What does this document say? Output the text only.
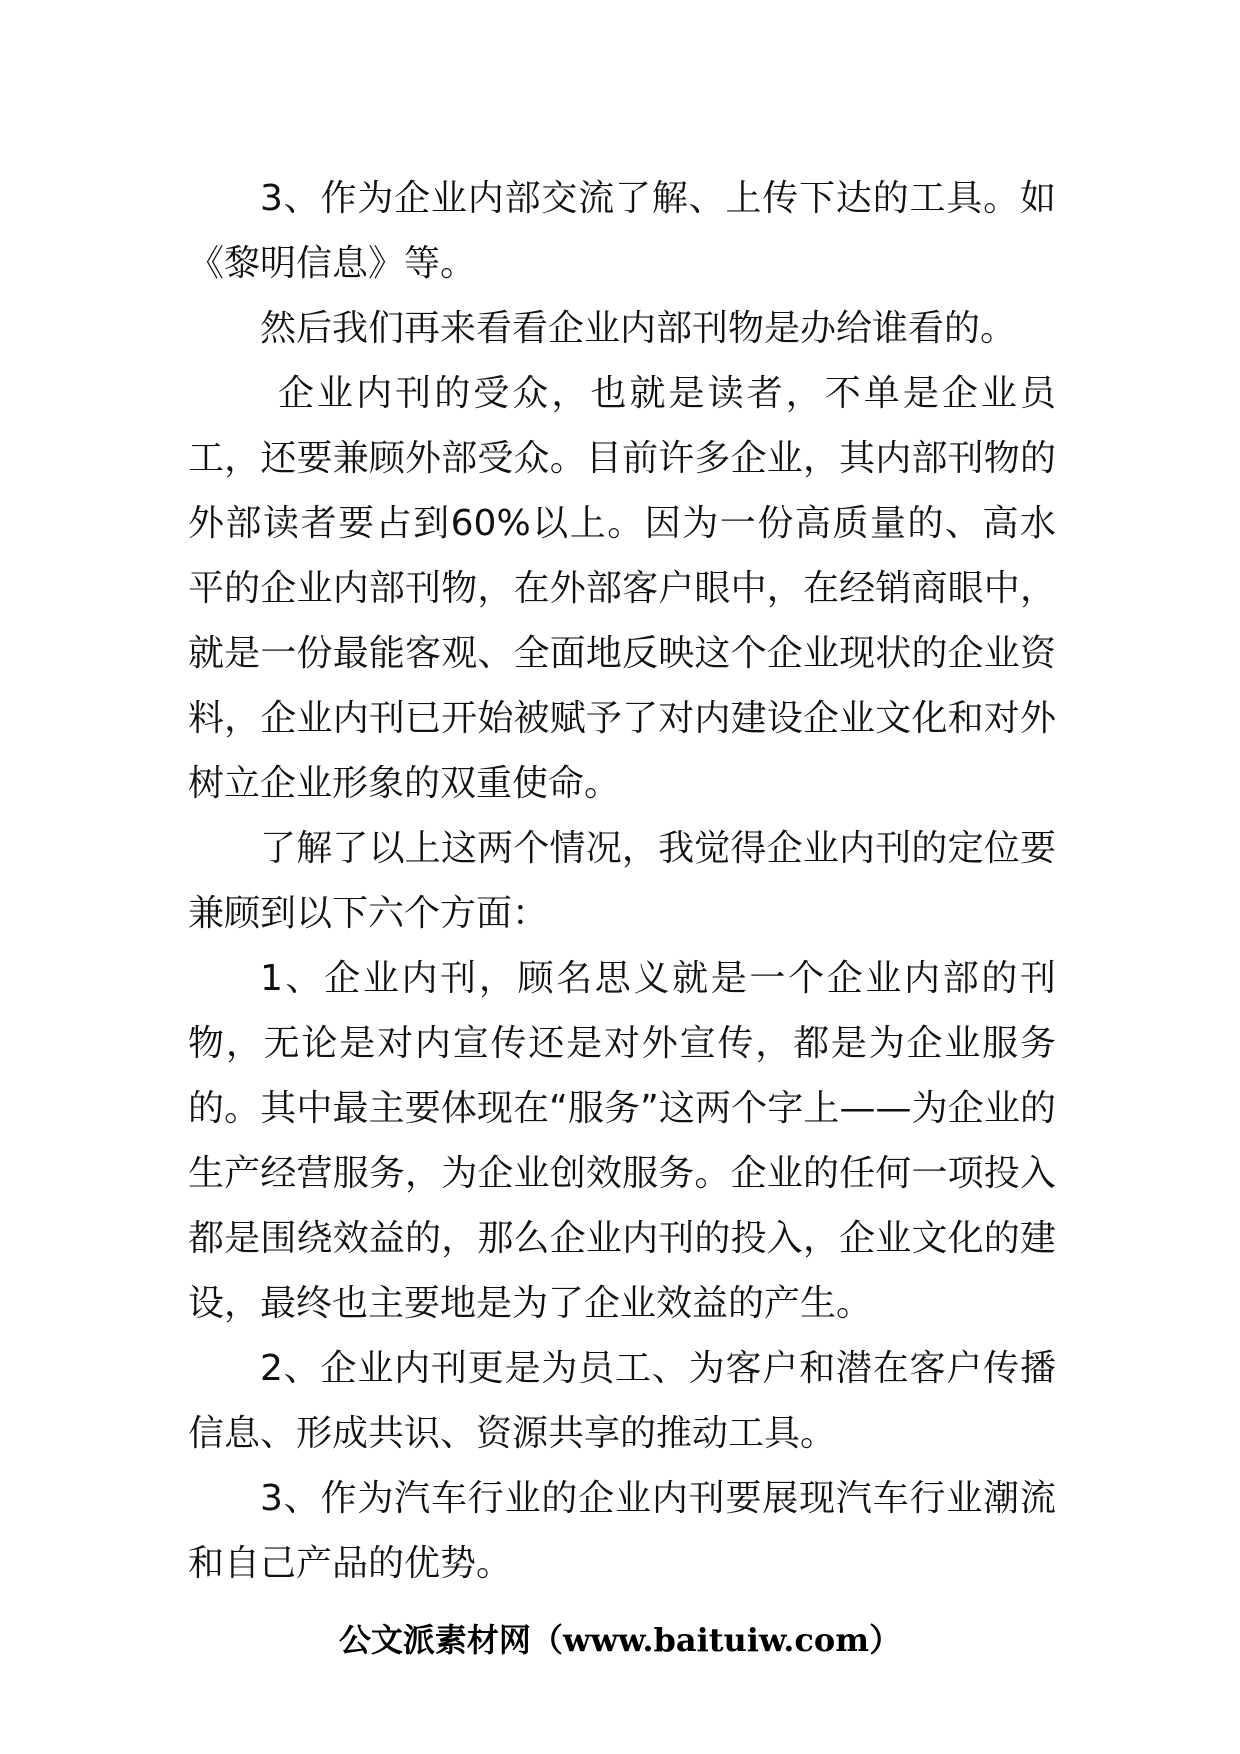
3、作为企业内部交流了解、上传下达的工具。如《黎明信息》等。

然后我们再来看看企业内部刊物是办给谁看的。

企业内刊的受众，也就是读者，不单是企业员工，还要兼顾外部受众。目前许多企业，其内部刊物的外部读者要占到60%以上。因为一份高质量的、高水平的企业内部刊物，在外部客户眼中，在经销商眼中，就是一份最能客观、全面地反映这个企业现状的企业资料，企业内刊已开始被赋予了对内建设企业文化和对外树立企业形象的双重使命。

了解了以上这两个情况，我觉得企业内刊的定位要兼顾到以下六个方面：

1、企业内刊，顾名思义就是一个企业内部的刊物，无论是对内宣传还是对外宣传，都是为企业服务的。其中最主要体现在“服务”这两个字上——为企业的生产经营服务，为企业创效服务。企业的任何一项投入都是围绕效益的，那么企业内刊的投入，企业文化的建设，最终也主要地是为了企业效益的产生。

2、企业内刊更是为员工、为客户和潜在客户传播信息、形成共识、资源共享的推动工具。

3、作为汽车行业的企业内刊要展现汽车行业潮流和自己产品的优势。

公文派素材网（www.baituiw.com）
